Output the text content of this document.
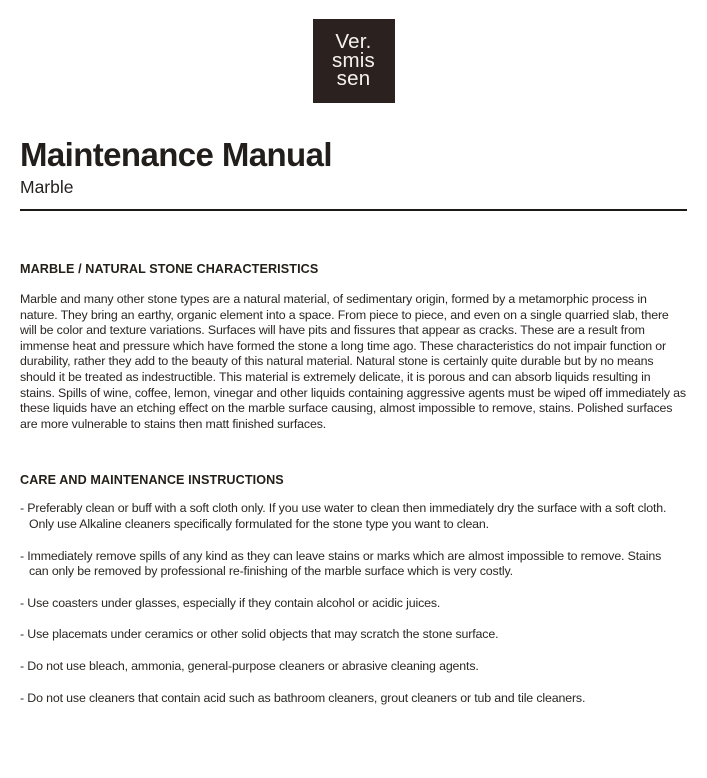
Ver.
smis
sen
Maintenance Manual
Marble
MARBLE / NATURAL STONE CHARACTERISTICS

Marble and many other stone types are a natural material, of sedimentary origin, formed by a metamorphic process in nature. They bring an earthy, organic element into a space. From piece to piece, and even on a single quarried slab, there will be color and texture variations. Surfaces will have pits and fissures that appear as cracks. These are a result from immense heat and pressure which have formed the stone a long time ago. These characteristics do not impair function or durability, rather they add to the beauty of this natural material. Natural stone is certainly quite durable but by no means should it be treated as indestructible. This material is extremely delicate, it is porous and can absorb liquids resulting in stains. Spills of wine, coffee, lemon, vinegar and other liquids containing aggressive agents must be wiped off immediately as these liquids have an etching effect on the marble surface causing, almost impossible to remove, stains. Polished surfaces are more vulnerable to stains then matt finished surfaces.

CARE AND MAINTENANCE INSTRUCTIONS
- Preferably clean or buff with a soft cloth only. If you use water to clean then immediately dry the surface with a soft cloth. Only use Alkaline cleaners specifically formulated for the stone type you want to clean.
- Immediately remove spills of any kind as they can leave stains or marks which are almost impossible to remove. Stains can only be removed by professional re-finishing of the marble surface which is very costly.
- Use coasters under glasses, especially if they contain alcohol or acidic juices.
- Use placemats under ceramics or other solid objects that may scratch the stone surface.
- Do not use bleach, ammonia, general-purpose cleaners or abrasive cleaning agents.
- Do not use cleaners that contain acid such as bathroom cleaners, grout cleaners or tub and tile cleaners.
